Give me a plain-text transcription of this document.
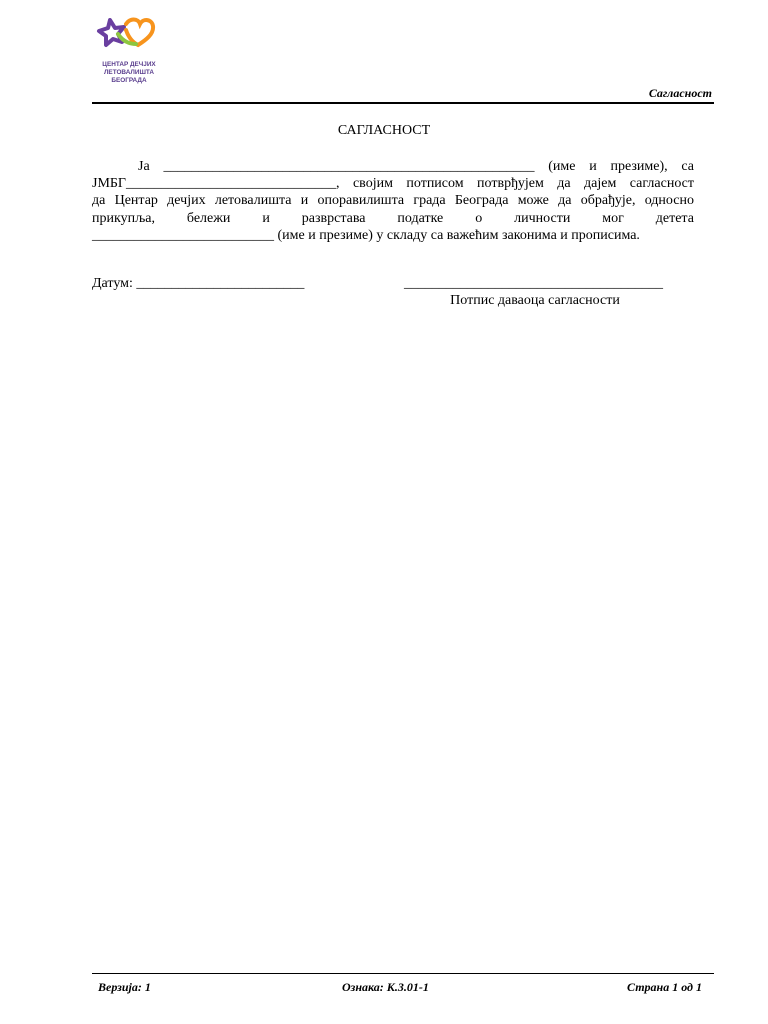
ЦЕНТАР ДЕЧЈИХ
ЛЕТОВАЛИШТА
БЕОГРАДА
Сагласност
САГЛАСНОСТ
Ја _____________________________________________________ (име и презиме), са
ЈМБГ______________________________, својим потписом потврђујем да дајем сагласност
да Центар дечјих летовалишта и опоравилишта града Београда може да обрађује, односно
прикупља, бележи и разврстава податке о личности мог детета
__________________________ (име и презиме) у складу са важећим законима и прописима.
Датум: ________________________	_____________________________________
Потпис даваоца сагласности
Верзија: 1	Ознака: К.3.01-1	Страна 1 од 1
